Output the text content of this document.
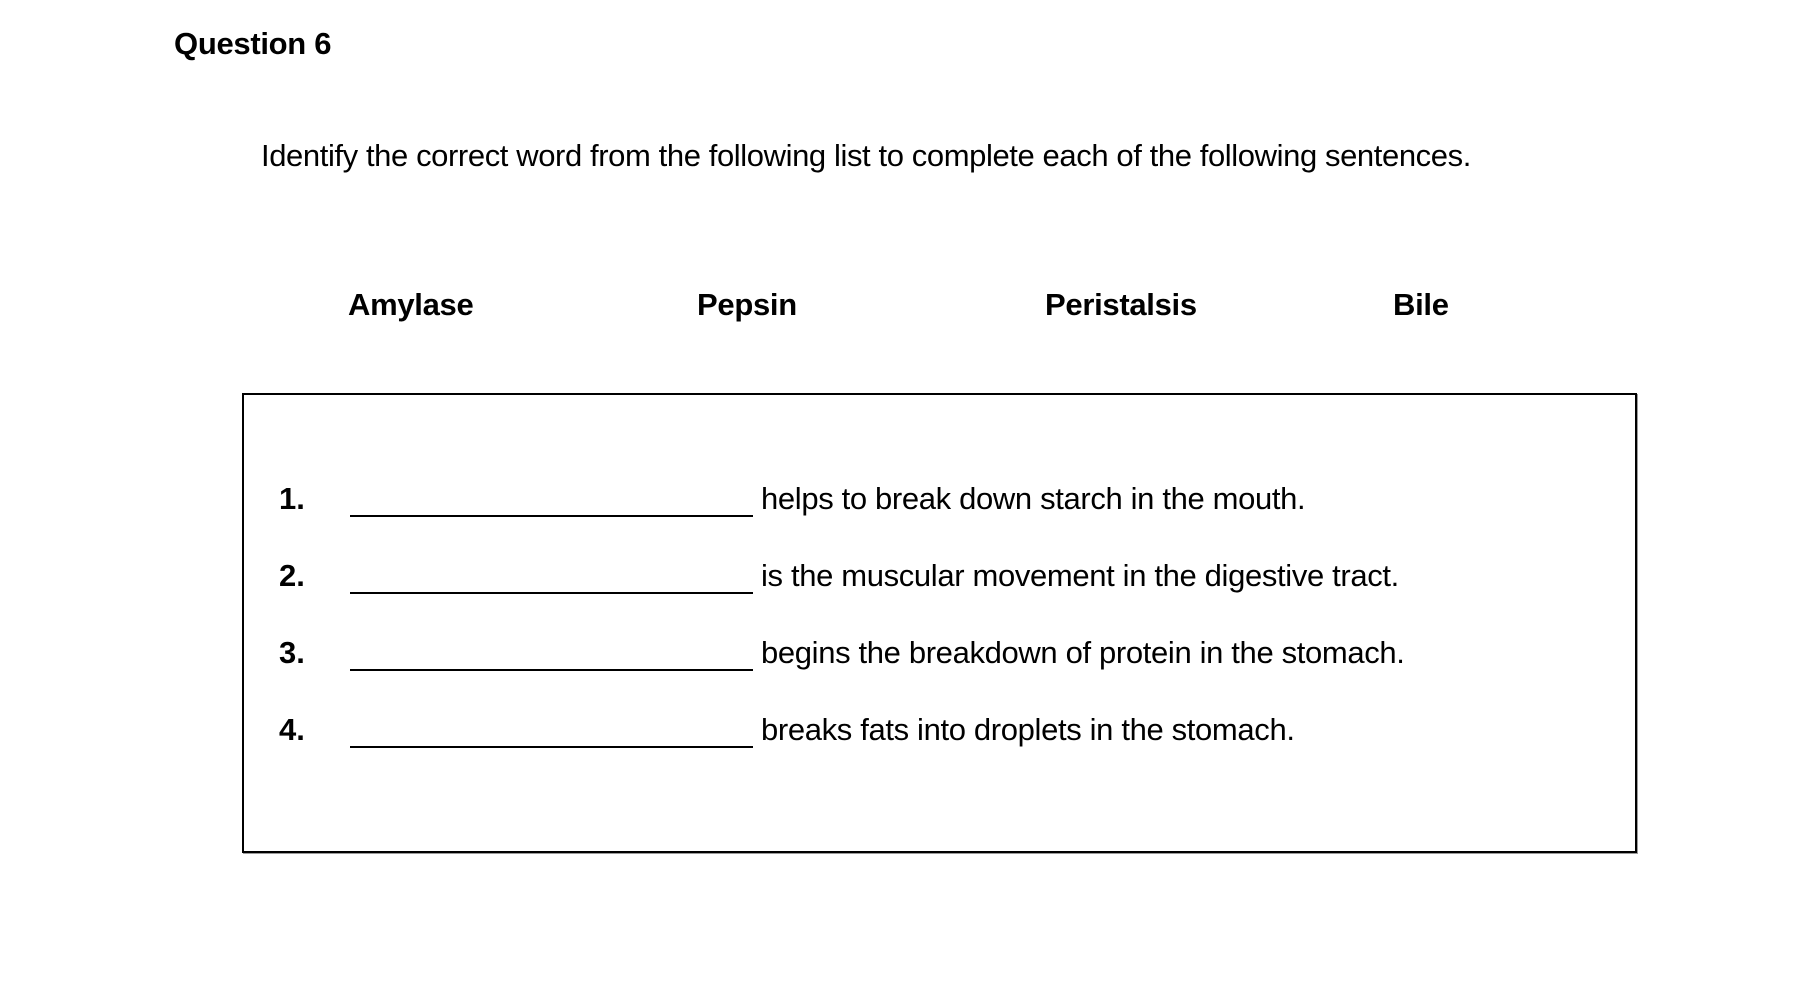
Question 6
Identify the correct word from the following list to complete each of the following sentences.
Amylase	Pepsin	Peristalsis	Bile
1.	helps to break down starch in the mouth.
2.	is the muscular movement in the digestive tract.
3.	begins the breakdown of protein in the stomach.
4.	breaks fats into droplets in the stomach.
